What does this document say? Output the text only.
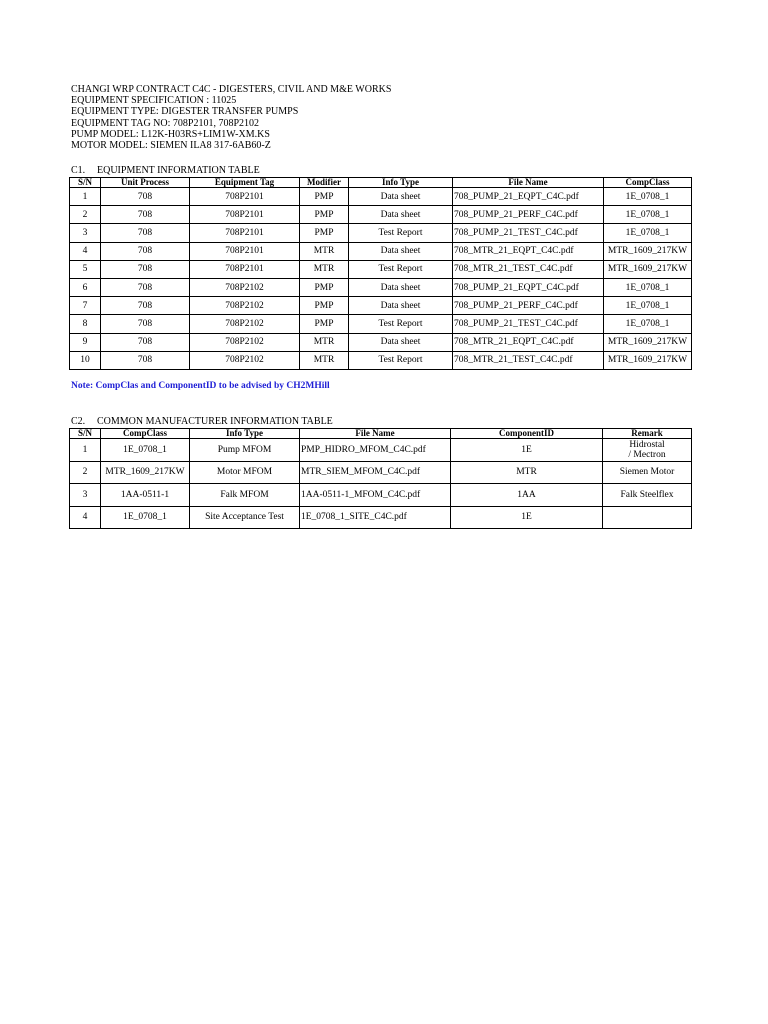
CHANGI WRP CONTRACT C4C - DIGESTERS, CIVIL AND M&E WORKS
EQUIPMENT SPECIFICATION : 11025
EQUIPMENT TYPE: DIGESTER TRANSFER PUMPS
EQUIPMENT TAG NO: 708P2101, 708P2102
PUMP MODEL: L12K-H03RS+LIM1W-XM.KS
MOTOR MODEL: SIEMEN ILA8 317-6AB60-Z
C1. EQUIPMENT INFORMATION TABLE
S/N	Unit Process	Equipment Tag	Modifier	Info Type	File Name	CompClass
1	708	708P2101	PMP	Data sheet	708_PUMP_21_EQPT_C4C.pdf	1E_0708_1
2	708	708P2101	PMP	Data sheet	708_PUMP_21_PERF_C4C.pdf	1E_0708_1
3	708	708P2101	PMP	Test Report	708_PUMP_21_TEST_C4C.pdf	1E_0708_1
4	708	708P2101	MTR	Data sheet	708_MTR_21_EQPT_C4C.pdf	MTR_1609_217KW
5	708	708P2101	MTR	Test Report	708_MTR_21_TEST_C4C.pdf	MTR_1609_217KW
6	708	708P2102	PMP	Data sheet	708_PUMP_21_EQPT_C4C.pdf	1E_0708_1
7	708	708P2102	PMP	Data sheet	708_PUMP_21_PERF_C4C.pdf	1E_0708_1
8	708	708P2102	PMP	Test Report	708_PUMP_21_TEST_C4C.pdf	1E_0708_1
9	708	708P2102	MTR	Data sheet	708_MTR_21_EQPT_C4C.pdf	MTR_1609_217KW
10	708	708P2102	MTR	Test Report	708_MTR_21_TEST_C4C.pdf	MTR_1609_217KW
Note: CompClas and ComponentID to be advised by CH2MHill
C2. COMMON MANUFACTURER INFORMATION TABLE
S/N	CompClass	Info Type	File Name	ComponentID	Remark
1	1E_0708_1	Pump MFOM	PMP_HIDRO_MFOM_C4C.pdf	1E	Hidrostal
/ Mectron
2	MTR_1609_217KW	Motor MFOM	MTR_SIEM_MFOM_C4C.pdf	MTR	Siemen Motor
3	1AA-0511-1	Falk MFOM	1AA-0511-1_MFOM_C4C.pdf	1AA	Falk Steelflex
4	1E_0708_1	Site Acceptance Test	1E_0708_1_SITE_C4C.pdf	1E	
